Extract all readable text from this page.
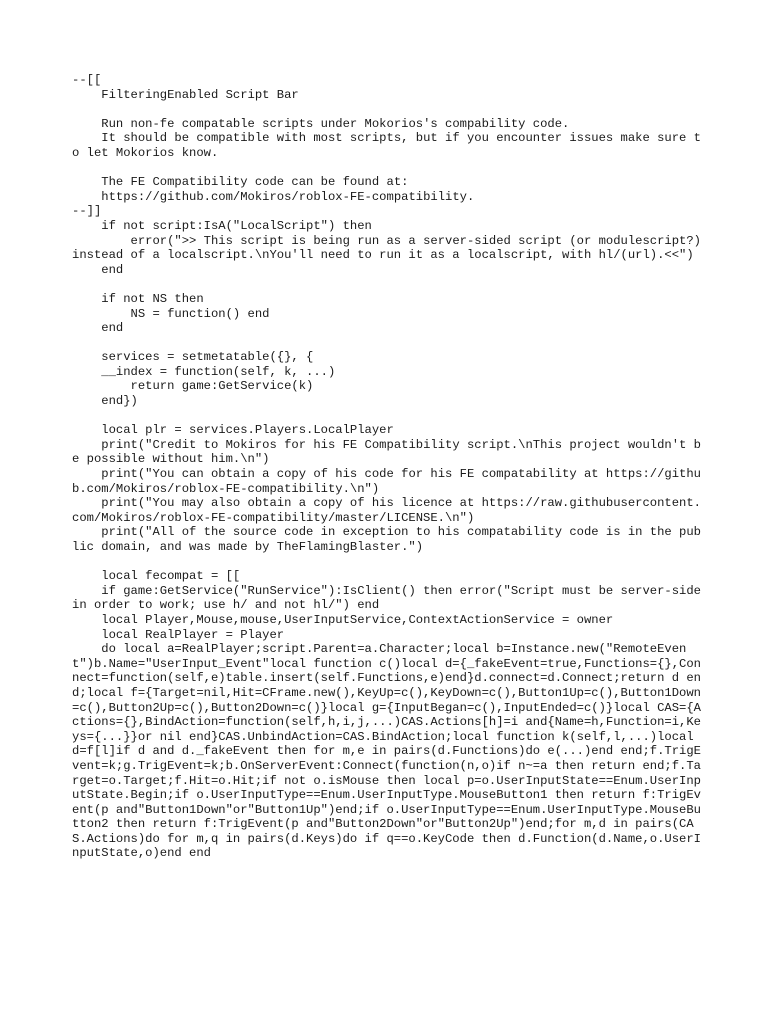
--[[
	FilteringEnabled Script Bar

	Run non-fe compatable scripts under Mokorios's compability code.
	It should be compatible with most scripts, but if you encounter issues make sure to let Mokorios know.

	The FE Compatibility code can be found at:
	https://github.com/Mokiros/roblox-FE-compatibility.
--]]
	if not script:IsA("LocalScript") then
		error(">> This script is being run as a server-sided script (or modulescript?) instead of a localscript.\nYou'll need to run it as a localscript, with hl/(url).<<")
	end

	if not NS then
		NS = function() end
	end

	services = setmetatable({}, {
	__index = function(self, k, ...)
		return game:GetService(k)
	end})

	local plr = services.Players.LocalPlayer
	print("Credit to Mokiros for his FE Compatibility script.\nThis project wouldn't be possible without him.\n")
	print("You can obtain a copy of his code for his FE compatability at https://github.com/Mokiros/roblox-FE-compatibility.\n")
	print("You may also obtain a copy of his licence at https://raw.githubusercontent.com/Mokiros/roblox-FE-compatibility/master/LICENSE.\n")
	print("All of the source code in exception to his compatability code is in the public domain, and was made by TheFlamingBlaster.")

	local fecompat = [[
	if game:GetService("RunService"):IsClient() then error("Script must be server-side in order to work; use h/ and not hl/") end
	local Player,Mouse,mouse,UserInputService,ContextActionService = owner
	local RealPlayer = Player
	do local a=RealPlayer;script.Parent=a.Character;local b=Instance.new("RemoteEvent")b.Name="UserInput_Event"local function c()local d={_fakeEvent=true,Functions={},Connect=function(self,e)table.insert(self.Functions,e)end}d.connect=d.Connect;return d end;local f={Target=nil,Hit=CFrame.new(),KeyUp=c(),KeyDown=c(),Button1Up=c(),Button1Down=c(),Button2Up=c(),Button2Down=c()}local g={InputBegan=c(),InputEnded=c()}local CAS={Actions={},BindAction=function(self,h,i,j,...)CAS.Actions[h]=i and{Name=h,Function=i,Keys={...}}or nil end}CAS.UnbindAction=CAS.BindAction;local function k(self,l,...)local d=f[l]if d and d._fakeEvent then for m,e in pairs(d.Functions)do e(...)end end;f.TrigEvent=k;g.TrigEvent=k;b.OnServerEvent:Connect(function(n,o)if n~=a then return end;f.Target=o.Target;f.Hit=o.Hit;if not o.isMouse then local p=o.UserInputState==Enum.UserInputState.Begin;if o.UserInputType==Enum.UserInputType.MouseButton1 then return f:TrigEvent(p and"Button1Down"or"Button1Up")end;if o.UserInputType==Enum.UserInputType.MouseButton2 then return f:TrigEvent(p and"Button2Down"or"Button2Up")end;for m,d in pairs(CAS.Actions)do for m,q in pairs(d.Keys)do if q==o.KeyCode then d.Function(d.Name,o.UserInputState,o)end end
